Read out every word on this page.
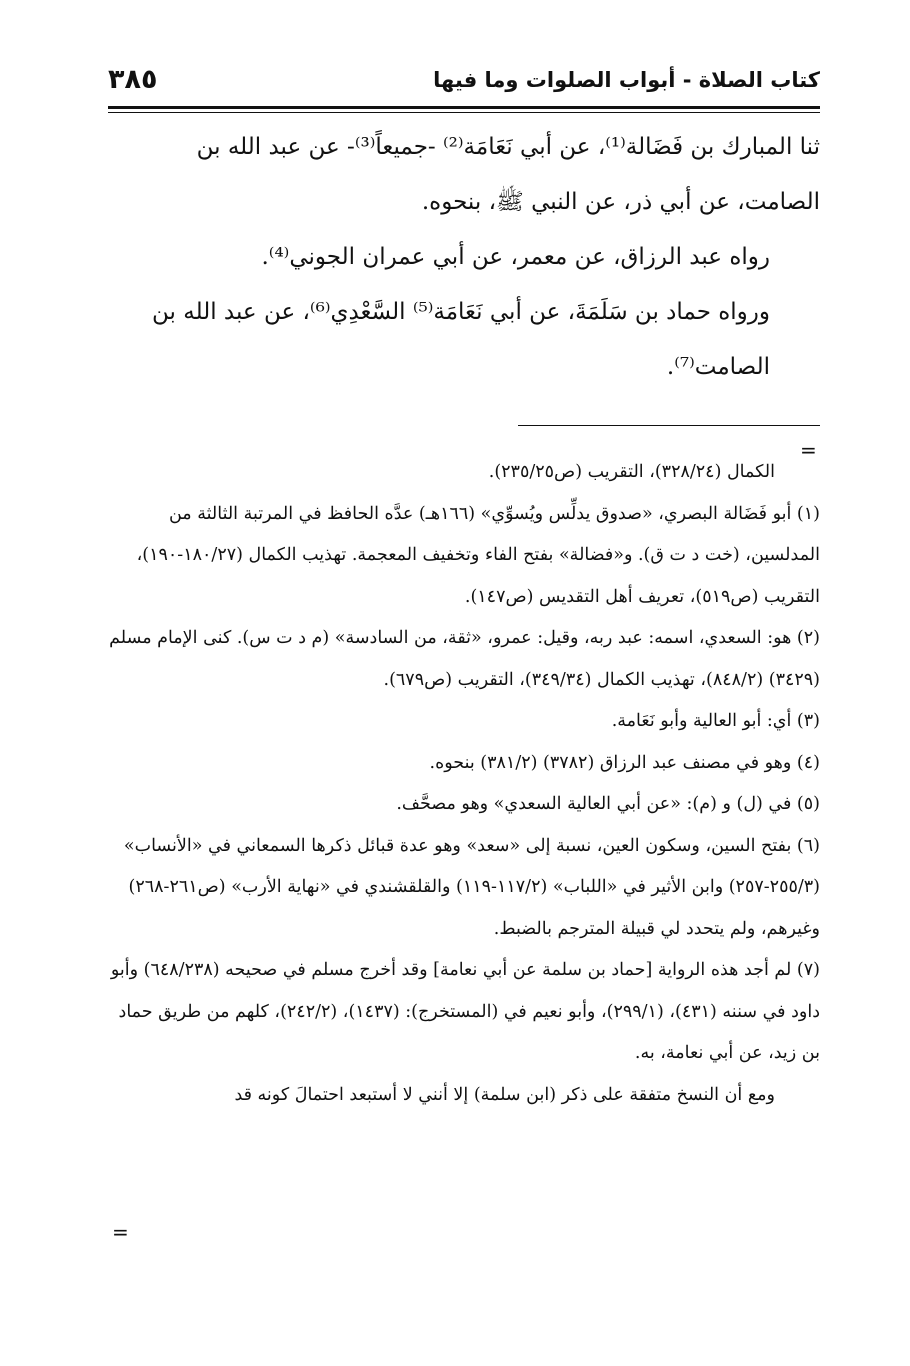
كتاب الصلاة - أبواب الصلوات وما فيها
٣٨٥

ثنا المبارك بن فَضَالة⁽¹⁾، عن أبي نَعَامَة⁽²⁾ -جميعاً⁽³⁾- عن عبد الله بن الصامت، عن أبي ذر، عن النبي ﷺ، بنحوه.

رواه عبد الرزاق، عن معمر، عن أبي عمران الجوني⁽⁴⁾.

ورواه حماد بن سَلَمَةَ، عن أبي نَعَامَة⁽⁵⁾ السَّعْدِي⁽⁶⁾، عن عبد الله بن الصامت⁽⁷⁾.

=

الكمال (٣٢٨/٢٤)، التقريب (ص٢٣٥/٢٥).

(١) أبو فَضَالة البصري، «صدوق يدلِّس ويُسوِّي» (١٦٦هـ) عدَّه الحافظ في المرتبة الثالثة من المدلسين، (خت د ت ق). و«فضالة» بفتح الفاء وتخفيف المعجمة. تهذيب الكمال (١٨٠/٢٧-١٩٠)، التقريب (ص٥١٩)، تعريف أهل التقديس (ص١٤٧).

(٢) هو: السعدي، اسمه: عبد ربه، وقيل: عمرو، «ثقة، من السادسة» (م د ت س). كنى الإمام مسلم (٣٤٢٩) (٨٤٨/٢)، تهذيب الكمال (٣٤٩/٣٤)، التقريب (ص٦٧٩).

(٣) أي: أبو العالية وأبو نَعَامة.

(٤) وهو في مصنف عبد الرزاق (٣٧٨٢) (٣٨١/٢) بنحوه.

(٥) في (ل) و (م): «عن أبي العالية السعدي» وهو مصحَّف.

(٦) بفتح السين، وسكون العين، نسبة إلى «سعد» وهو عدة قبائل ذكرها السمعاني في «الأنساب» (٢٥٥/٣-٢٥٧) وابن الأثير في «اللباب» (١١٧/٢-١١٩) والقلقشندي في «نهاية الأرب» (ص٢٦١-٢٦٨) وغيرهم، ولم يتحدد لي قبيلة المترجم بالضبط.

(٧) لم أجد هذه الرواية [حماد بن سلمة عن أبي نعامة] وقد أخرج مسلم في صحيحه (٦٤٨/٢٣٨) وأبو داود في سننه (٤٣١)، (٢٩٩/١)، وأبو نعيم في (المستخرج): (١٤٣٧)، (٢٤٢/٢)، كلهم من طريق حماد بن زيد، عن أبي نعامة، به.

ومع أن النسخ متفقة على ذكر (ابن سلمة) إلا أنني لا أستبعد احتمالَ كونه قد

=
